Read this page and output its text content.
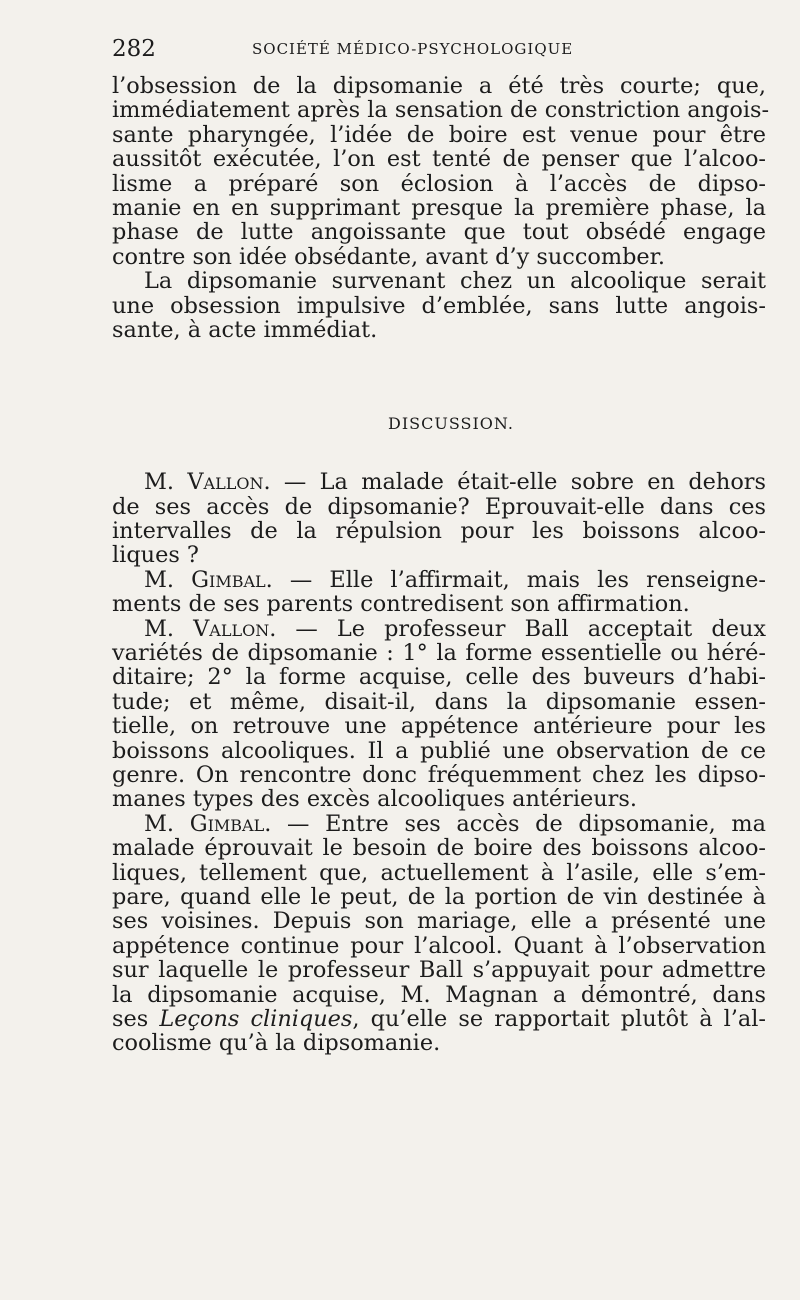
282	SOCIÉTÉ MÉDICO-PSYCHOLOGIQUE
l’obsession de la dipsomanie a été très courte; que,
immédiatement après la sensation de constriction angois-
sante pharyngée, l’idée de boire est venue pour être
aussitôt exécutée, l’on est tenté de penser que l’alcoo-
lisme a préparé son éclosion à l’accès de dipso-
manie en en supprimant presque la première phase, la
phase de lutte angoissante que tout obsédé engage
contre son idée obsédante, avant d’y succomber.
La dipsomanie survenant chez un alcoolique serait
une obsession impulsive d’emblée, sans lutte angois-
sante, à acte immédiat.
DISCUSSION.
M. Vallon. — La malade était-elle sobre en dehors
de ses accès de dipsomanie? Eprouvait-elle dans ces
intervalles de la répulsion pour les boissons alcoo-
liques ?
M. Gimbal. — Elle l’affirmait, mais les renseigne-
ments de ses parents contredisent son affirmation.
M. Vallon. — Le professeur Ball acceptait deux
variétés de dipsomanie : 1° la forme essentielle ou héré-
ditaire; 2° la forme acquise, celle des buveurs d’habi-
tude; et même, disait-il, dans la dipsomanie essen-
tielle, on retrouve une appétence antérieure pour les
boissons alcooliques. Il a publié une observation de ce
genre. On rencontre donc fréquemment chez les dipso-
manes types des excès alcooliques antérieurs.
M. Gimbal. — Entre ses accès de dipsomanie, ma
malade éprouvait le besoin de boire des boissons alcoo-
liques, tellement que, actuellement à l’asile, elle s’em-
pare, quand elle le peut, de la portion de vin destinée à
ses voisines. Depuis son mariage, elle a présenté une
appétence continue pour l’alcool. Quant à l’observation
sur laquelle le professeur Ball s’appuyait pour admettre
la dipsomanie acquise, M. Magnan a démontré, dans
ses Leçons cliniques, qu’elle se rapportait plutôt à l’al-
coolisme qu’à la dipsomanie.
